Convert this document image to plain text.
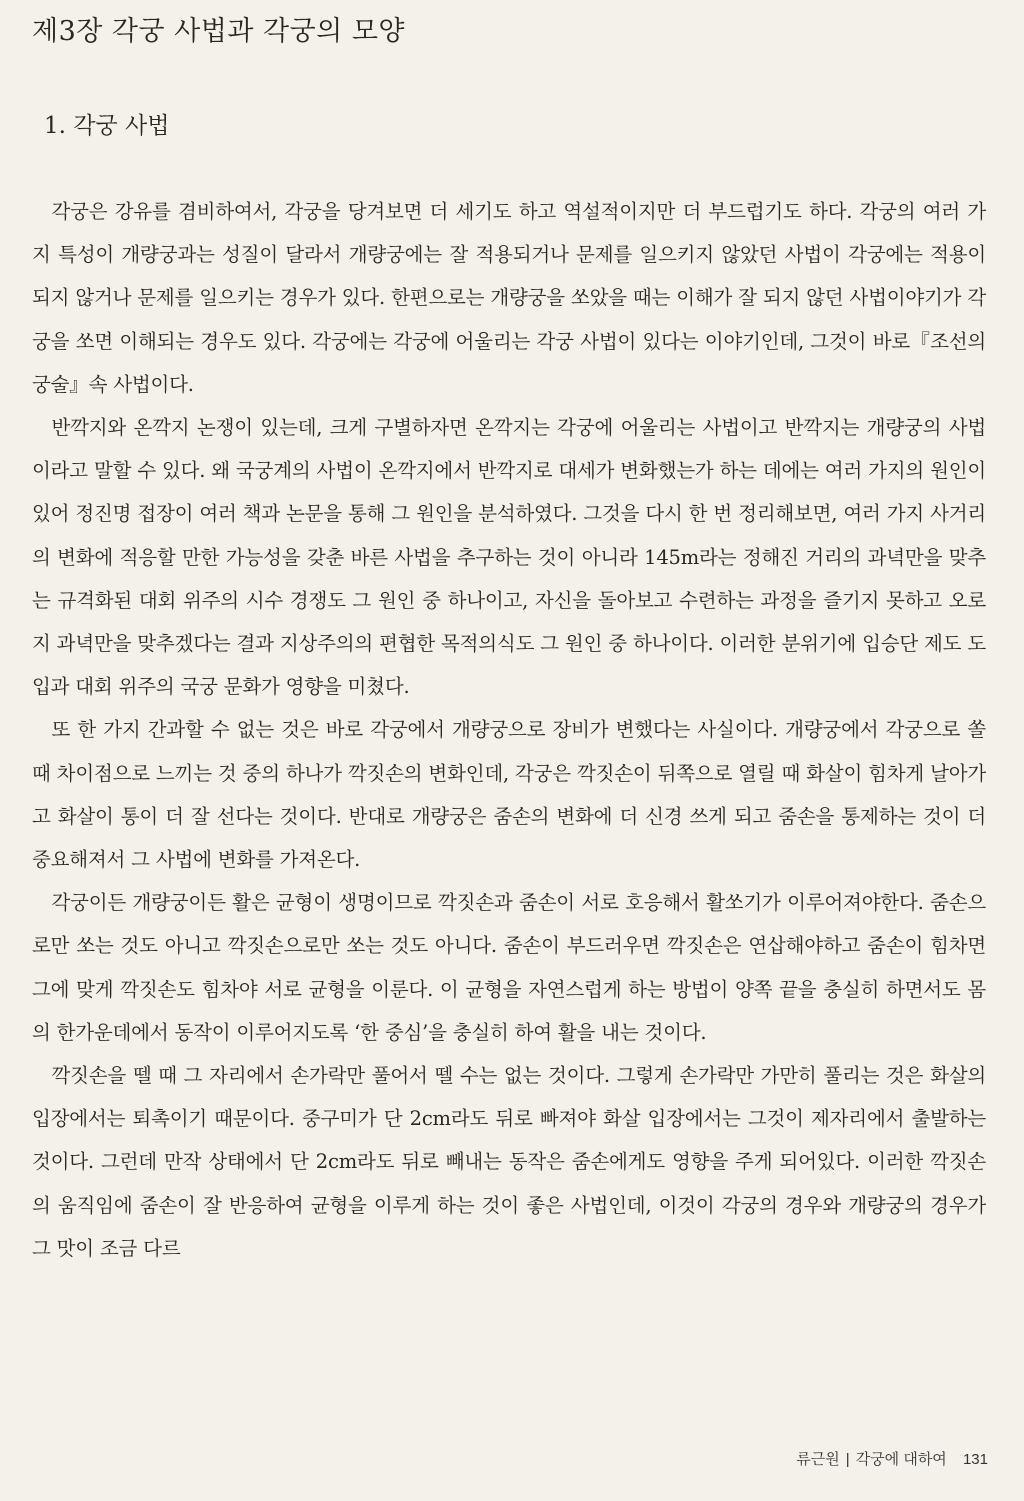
제3장 각궁 사법과 각궁의 모양
1. 각궁 사법

각궁은 강유를 겸비하여서, 각궁을 당겨보면 더 세기도 하고 역설적이지만 더 부드럽기도 하다. 각궁의 여러 가지 특성이 개량궁과는 성질이 달라서 개량궁에는 잘 적용되거나 문제를 일으키지 않았던 사법이 각궁에는 적용이 되지 않거나 문제를 일으키는 경우가 있다. 한편으로는 개량궁을 쏘았을 때는 이해가 잘 되지 않던 사법이야기가 각궁을 쏘면 이해되는 경우도 있다. 각궁에는 각궁에 어울리는 각궁 사법이 있다는 이야기인데, 그것이 바로『조선의 궁술』속 사법이다.

반깍지와 온깍지 논쟁이 있는데, 크게 구별하자면 온깍지는 각궁에 어울리는 사법이고 반깍지는 개량궁의 사법이라고 말할 수 있다. 왜 국궁계의 사법이 온깍지에서 반깍지로 대세가 변화했는가 하는 데에는 여러 가지의 원인이 있어 정진명 접장이 여러 책과 논문을 통해 그 원인을 분석하였다. 그것을 다시 한 번 정리해보면, 여러 가지 사거리의 변화에 적응할 만한 가능성을 갖춘 바른 사법을 추구하는 것이 아니라 145m라는 정해진 거리의 과녁만을 맞추는 규격화된 대회 위주의 시수 경쟁도 그 원인 중 하나이고, 자신을 돌아보고 수련하는 과정을 즐기지 못하고 오로지 과녁만을 맞추겠다는 결과 지상주의의 편협한 목적의식도 그 원인 중 하나이다. 이러한 분위기에 입승단 제도 도입과 대회 위주의 국궁 문화가 영향을 미쳤다.

또 한 가지 간과할 수 없는 것은 바로 각궁에서 개량궁으로 장비가 변했다는 사실이다. 개량궁에서 각궁으로 쏠 때 차이점으로 느끼는 것 중의 하나가 깍짓손의 변화인데, 각궁은 깍짓손이 뒤쪽으로 열릴 때 화살이 힘차게 날아가고 화살이 통이 더 잘 선다는 것이다. 반대로 개량궁은 줌손의 변화에 더 신경 쓰게 되고 줌손을 통제하는 것이 더 중요해져서 그 사법에 변화를 가져온다.

각궁이든 개량궁이든 활은 균형이 생명이므로 깍짓손과 줌손이 서로 호응해서 활쏘기가 이루어져야한다. 줌손으로만 쏘는 것도 아니고 깍짓손으로만 쏘는 것도 아니다. 줌손이 부드러우면 깍짓손은 연삽해야하고 줌손이 힘차면 그에 맞게 깍짓손도 힘차야 서로 균형을 이룬다. 이 균형을 자연스럽게 하는 방법이 양쪽 끝을 충실히 하면서도 몸의 한가운데에서 동작이 이루어지도록 ‘한 중심’을 충실히 하여 활을 내는 것이다.

깍짓손을 뗄 때 그 자리에서 손가락만 풀어서 뗄 수는 없는 것이다. 그렇게 손가락만 가만히 풀리는 것은 화살의 입장에서는 퇴촉이기 때문이다. 중구미가 단 2cm라도 뒤로 빠져야 화살 입장에서는 그것이 제자리에서 출발하는 것이다. 그런데 만작 상태에서 단 2cm라도 뒤로 빼내는 동작은 줌손에게도 영향을 주게 되어있다. 이러한 깍짓손의 움직임에 줌손이 잘 반응하여 균형을 이루게 하는 것이 좋은 사법인데, 이것이 각궁의 경우와 개량궁의 경우가 그 맛이 조금 다르

류근원 | 각궁에 대하여 131
